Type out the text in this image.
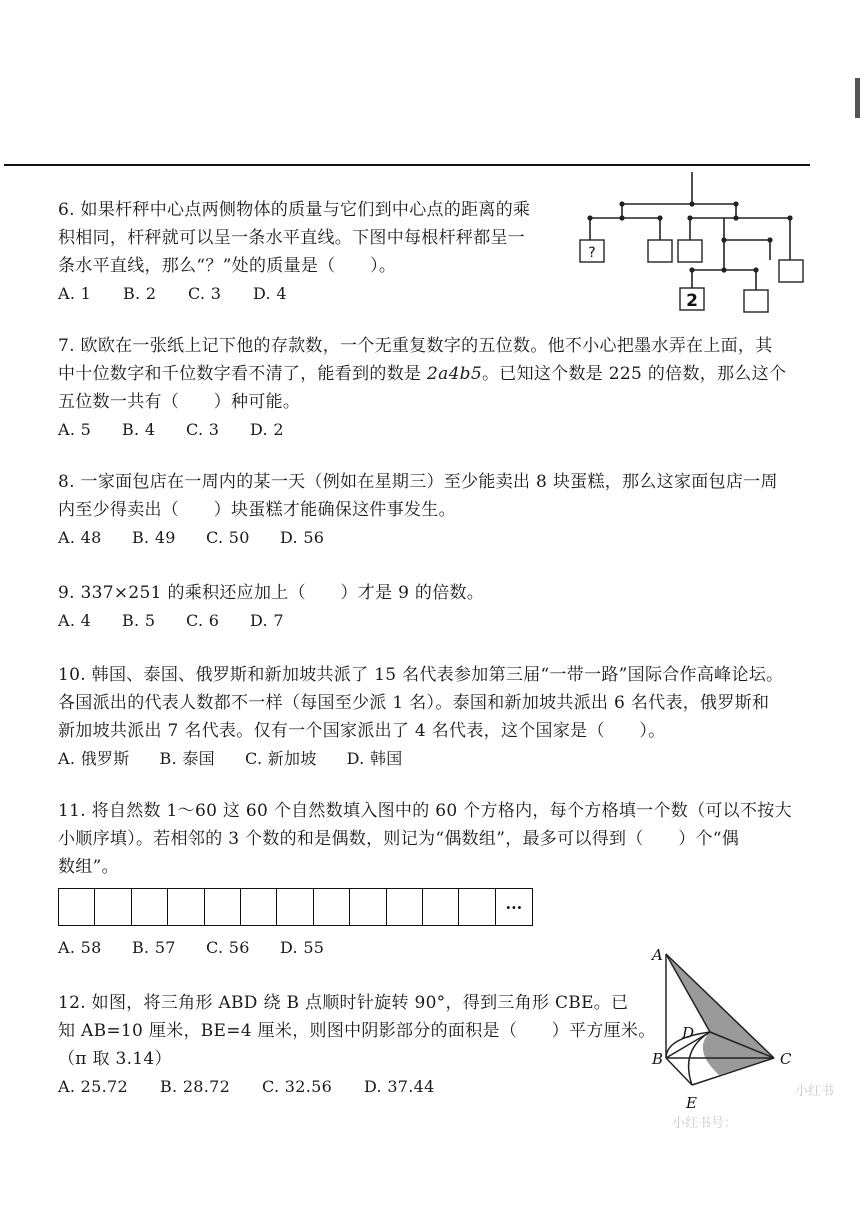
6. 如果杆秤中心点两侧物体的质量与它们到中心点的距离的乘

积相同，杆秤就可以呈一条水平直线。下图中每根杆秤都呈一

条水平直线，那么“？”处的质量是（　　）。

A. 1	B. 2	C. 3	D. 4
?
2

7. 欧欧在一张纸上记下他的存款数，一个无重复数字的五位数。他不小心把墨水弄在上面，其

中十位数字和千位数字看不清了，能看到的数是 2a4b5。已知这个数是 225 的倍数，那么这个

五位数一共有（　　）种可能。

A. 5	B. 4	C. 3	D. 2

8. 一家面包店在一周内的某一天（例如在星期三）至少能卖出 8 块蛋糕，那么这家面包店一周

内至少得卖出（　　）块蛋糕才能确保这件事发生。

A. 48	B. 49	C. 50	D. 56

9. 337×251 的乘积还应加上（　　）才是 9 的倍数。

A. 4	B. 5	C. 6	D. 7

10. 韩国、泰国、俄罗斯和新加坡共派了 15 名代表参加第三届“一带一路”国际合作高峰论坛。

各国派出的代表人数都不一样（每国至少派 1 名）。泰国和新加坡共派出 6 名代表，俄罗斯和

新加坡共派出 7 名代表。仅有一个国家派出了 4 名代表，这个国家是（　　）。

A. 俄罗斯 B. 泰国 C. 新加坡 D. 韩国

11. 将自然数 1～60 这 60 个自然数填入图中的 60 个方格内，每个方格填一个数（可以不按大

小顺序填）。若相邻的 3 个数的和是偶数，则记为“偶数组”，最多可以得到（　　）个“偶

数组”。

···
A. 58	B. 57	C. 56	D. 55

12. 如图，将三角形 ABD 绕 B 点顺时针旋转 90°，得到三角形 CBE。已

知 AB=10 厘米，BE=4 厘米，则图中阴影部分的面积是（　　）平方厘米。

（π 取 3.14）

A. 25.72	B. 28.72	C. 32.56	D. 37.44
A
B	C
D
E
小红书
小红书号：
